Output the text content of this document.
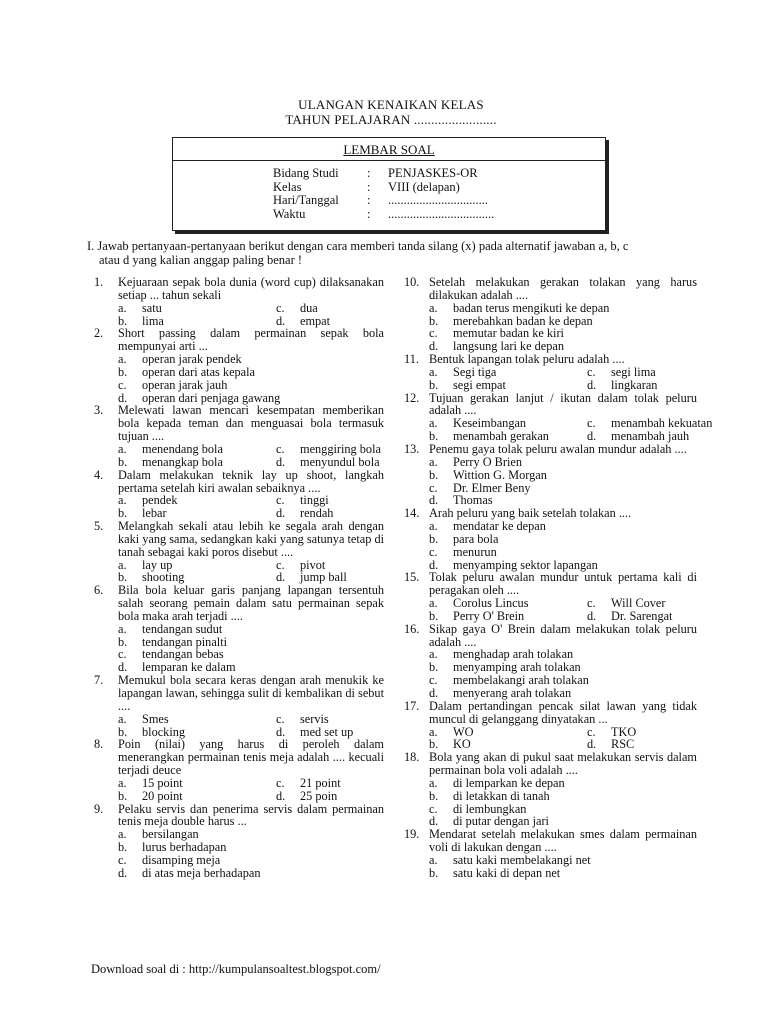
ULANGAN KENAIKAN KELAS
TAHUN PELAJARAN ........................
LEMBAR SOAL
Bidang Studi : PENJASKES-OR
Kelas	: VIII (delapan)
Hari/Tanggal : ................................
Waktu	: ..................................
I. Jawab pertanyaan-pertanyaan berikut dengan cara memberi tanda silang (x) pada alternatif jawaban a, b, c
atau d yang kalian anggap paling benar !
1.	Kejuaraan sepak bola dunia (word cup) dilaksanakan setiap ... tahun sekali
a. satu	c. dua
b. lima	d. empat
2.	Short passing dalam permainan sepak bola mempunyai arti ...
a. operan jarak pendek
b. operan dari atas kepala
c. operan jarak jauh
d. operan dari penjaga gawang
3.	Melewati lawan mencari kesempatan memberikan bola kepada teman dan menguasai bola termasuk tujuan ....
a. menendang bola	c. menggiring bola
b. menangkap bola	d. menyundul bola
4.	Dalam melakukan teknik lay up shoot, langkah pertama setelah kiri awalan sebaiknya ....
a. pendek	c. tinggi
b. lebar	d. rendah
5.	Melangkah sekali atau lebih ke segala arah dengan kaki yang sama, sedangkan kaki yang satunya tetap di tanah sebagai kaki poros disebut ....
a. lay up	c. pivot
b. shooting	d. jump ball
6.	Bila bola keluar garis panjang lapangan tersentuh salah seorang pemain dalam satu permainan sepak bola maka arah terjadi ....
a. tendangan sudut
b. tendangan pinalti
c. tendangan bebas
d. lemparan ke dalam
7.	Memukul bola secara keras dengan arah menukik ke lapangan lawan, sehingga sulit di kembalikan di sebut ....
a. Smes	c. servis
b. blocking	d. med set up
8.	Poin (nilai) yang harus di peroleh dalam menerangkan permainan tenis meja adalah .... kecuali terjadi deuce
a. 15 point	c. 21 point
b. 20 point	d. 25 poin
9.	Pelaku servis dan penerima servis dalam permainan tenis meja double harus ...
a. bersilangan
b. lurus berhadapan
c. disamping meja
d. di atas meja berhadapan
10. Setelah melakukan gerakan tolakan yang harus dilakukan adalah ....
a. badan terus mengikuti ke depan
b. merebahkan badan ke depan
c. memutar badan ke kiri
d. langsung lari ke depan
11. Bentuk lapangan tolak peluru adalah ....
a. Segi tiga	c. segi lima
b. segi empat	d. lingkaran
12. Tujuan gerakan lanjut / ikutan dalam tolak peluru adalah ....
a. Keseimbangan	c. menambah kekuatan
b. menambah gerakan	d. menambah jauh
13. Penemu gaya tolak peluru awalan mundur adalah ....
a. Perry O Brien
b. Wittion G. Morgan
c. Dr. Elmer Beny
d. Thomas
14. Arah peluru yang baik setelah tolakan ....
a. mendatar ke depan
b. para bola
c. menurun
d. menyamping sektor lapangan
15. Tolak peluru awalan mundur untuk pertama kali di peragakan oleh ....
a. Corolus Lincus	c. Will Cover
b. Perry O' Brein	d. Dr. Sarengat
16. Sikap gaya O' Brein dalam melakukan tolak peluru adalah ....
a. menghadap arah tolakan
b. menyamping arah tolakan
c. membelakangi arah tolakan
d. menyerang arah tolakan
17. Dalam pertandingan pencak silat lawan yang tidak muncul di gelanggang dinyatakan ...
a. WO	c. TKO
b. KO	d. RSC
18. Bola yang akan di pukul saat melakukan servis dalam permainan bola voli adalah ....
a. di lemparkan ke depan
b. di letakkan di tanah
c. di lembungkan
d. di putar dengan jari
19. Mendarat setelah melakukan smes dalam permainan voli di lakukan dengan ....
a. satu kaki membelakangi net
b. satu kaki di depan net
Download soal di : http://kumpulansoaltest.blogspot.com/
